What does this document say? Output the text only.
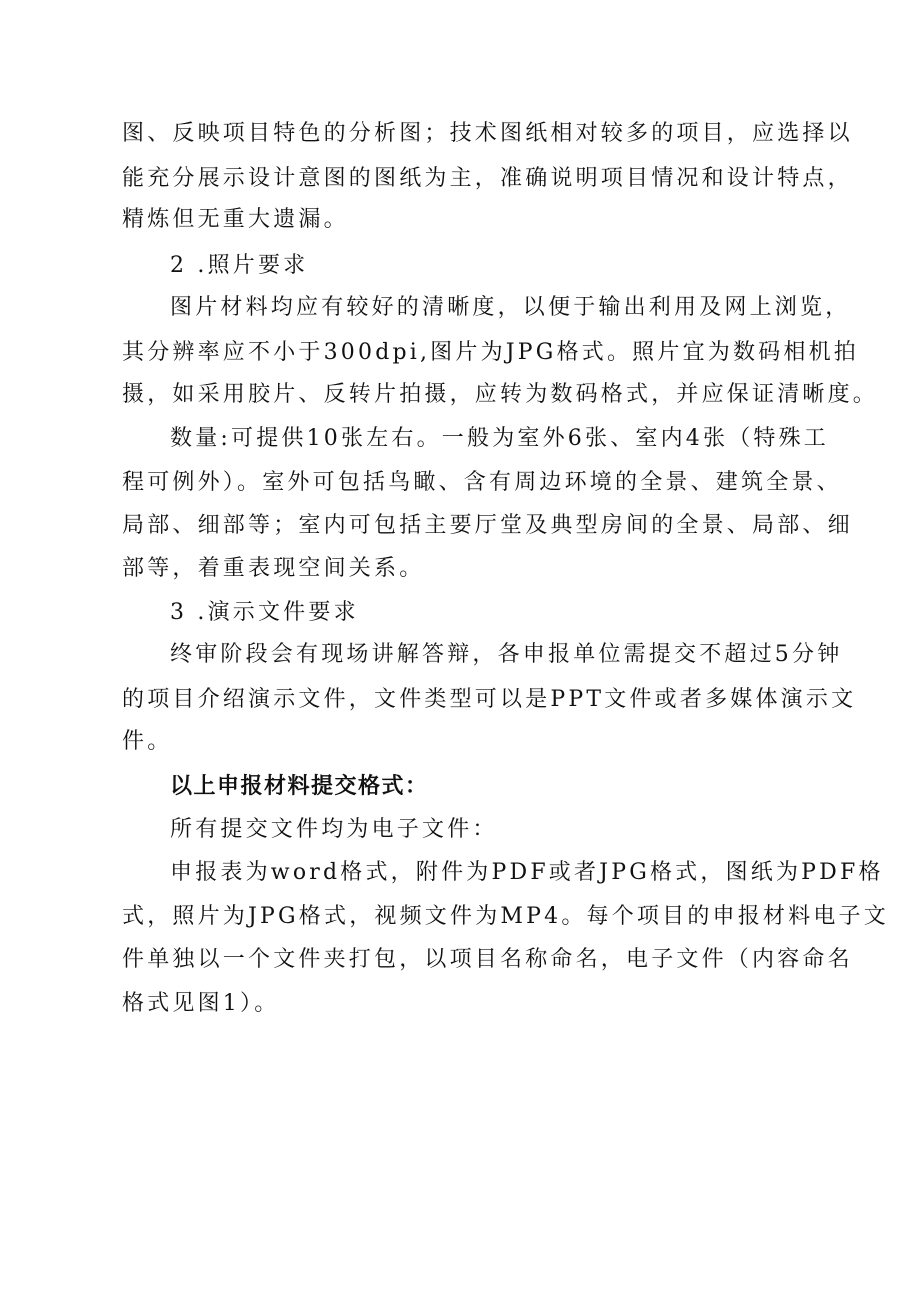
图、反映项目特色的分析图；技术图纸相对较多的项目，应选择以
能充分展示设计意图的图纸为主，准确说明项目情况和设计特点，
精炼但无重大遗漏。
2 .照片要求
图片材料均应有较好的清晰度，以便于输出利用及网上浏览，
其分辨率应不小于300dpi,图片为JPG格式。照片宜为数码相机拍
摄，如采用胶片、反转片拍摄，应转为数码格式，并应保证清晰度。
数量:可提供10张左右。一般为室外6张、室内4张（特殊工
程可例外）。室外可包括鸟瞰、含有周边环境的全景、建筑全景、
局部、细部等；室内可包括主要厅堂及典型房间的全景、局部、细
部等，着重表现空间关系。
3 .演示文件要求
终审阶段会有现场讲解答辩，各申报单位需提交不超过5分钟
的项目介绍演示文件，文件类型可以是PPT文件或者多媒体演示文
件。
以上申报材料提交格式：
所有提交文件均为电子文件：
申报表为word格式，附件为PDF或者JPG格式，图纸为PDF格
式，照片为JPG格式，视频文件为MP4。每个项目的申报材料电子文
件单独以一个文件夹打包，以项目名称命名，电子文件（内容命名
格式见图1）。
